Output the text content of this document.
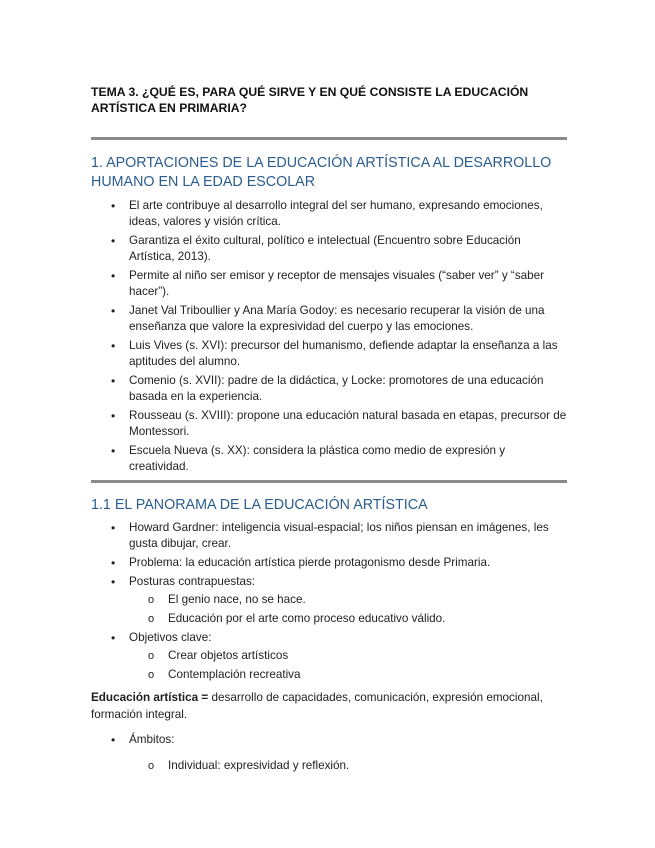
TEMA 3. ¿QUÉ ES, PARA QUÉ SIRVE Y EN QUÉ CONSISTE LA EDUCACIÓN ARTÍSTICA EN PRIMARIA?

1. APORTACIONES DE LA EDUCACIÓN ARTÍSTICA AL DESARROLLO HUMANO EN LA EDAD ESCOLAR
• El arte contribuye al desarrollo integral del ser humano, expresando emociones, ideas, valores y visión crítica.
• Garantiza el éxito cultural, político e intelectual (Encuentro sobre Educación Artística, 2013).
• Permite al niño ser emisor y receptor de mensajes visuales (“saber ver” y “saber hacer”).
• Janet Val Triboullier y Ana María Godoy: es necesario recuperar la visión de una enseñanza que valore la expresividad del cuerpo y las emociones.
• Luis Vives (s. XVI): precursor del humanismo, defiende adaptar la enseñanza a las aptitudes del alumno.
• Comenio (s. XVII): padre de la didáctica, y Locke: promotores de una educación basada en la experiencia.
• Rousseau (s. XVIII): propone una educación natural basada en etapas, precursor de Montessori.
• Escuela Nueva (s. XX): considera la plástica como medio de expresión y creatividad.
1.1 EL PANORAMA DE LA EDUCACIÓN ARTÍSTICA
• Howard Gardner: inteligencia visual-espacial; los niños piensan en imágenes, les gusta dibujar, crear.
• Problema: la educación artística pierde protagonismo desde Primaria.
• Posturas contrapuestas:
o El genio nace, no se hace.
o Educación por el arte como proceso educativo válido.
• Objetivos clave:
o Crear objetos artísticos
o Contemplación recreativa

Educación artística = desarrollo de capacidades, comunicación, expresión emocional, formación integral.

• Ámbitos:
o Individual: expresividad y reflexión.
